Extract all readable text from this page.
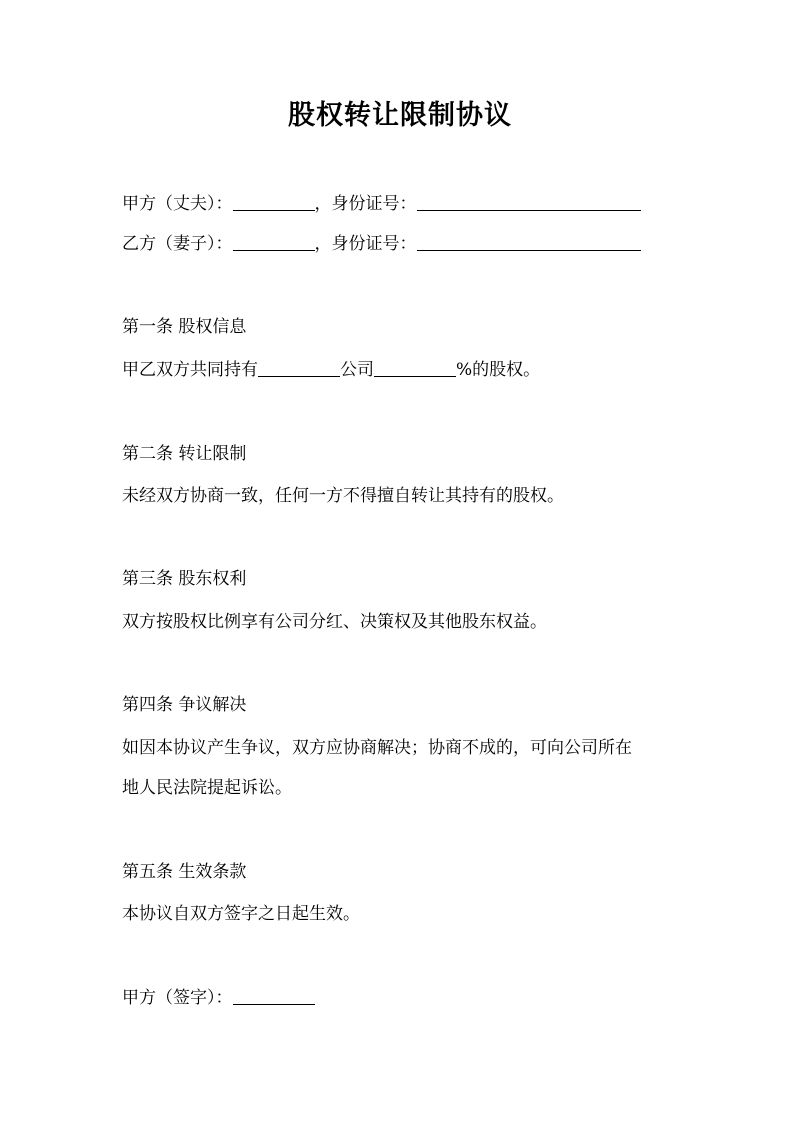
股权转让限制协议
甲方（丈夫）：	，身份证号：
乙方（妻子）：	，身份证号：
第一条 股权信息
甲乙双方共同持有	公司	%的股权。
第二条 转让限制
未经双方协商一致，任何一方不得擅自转让其持有的股权。
第三条 股东权利
双方按股权比例享有公司分红、决策权及其他股东权益。
第四条 争议解决
如因本协议产生争议，双方应协商解决；协商不成的，可向公司所在
地人民法院提起诉讼。
第五条 生效条款
本协议自双方签字之日起生效。
甲方（签字）：
